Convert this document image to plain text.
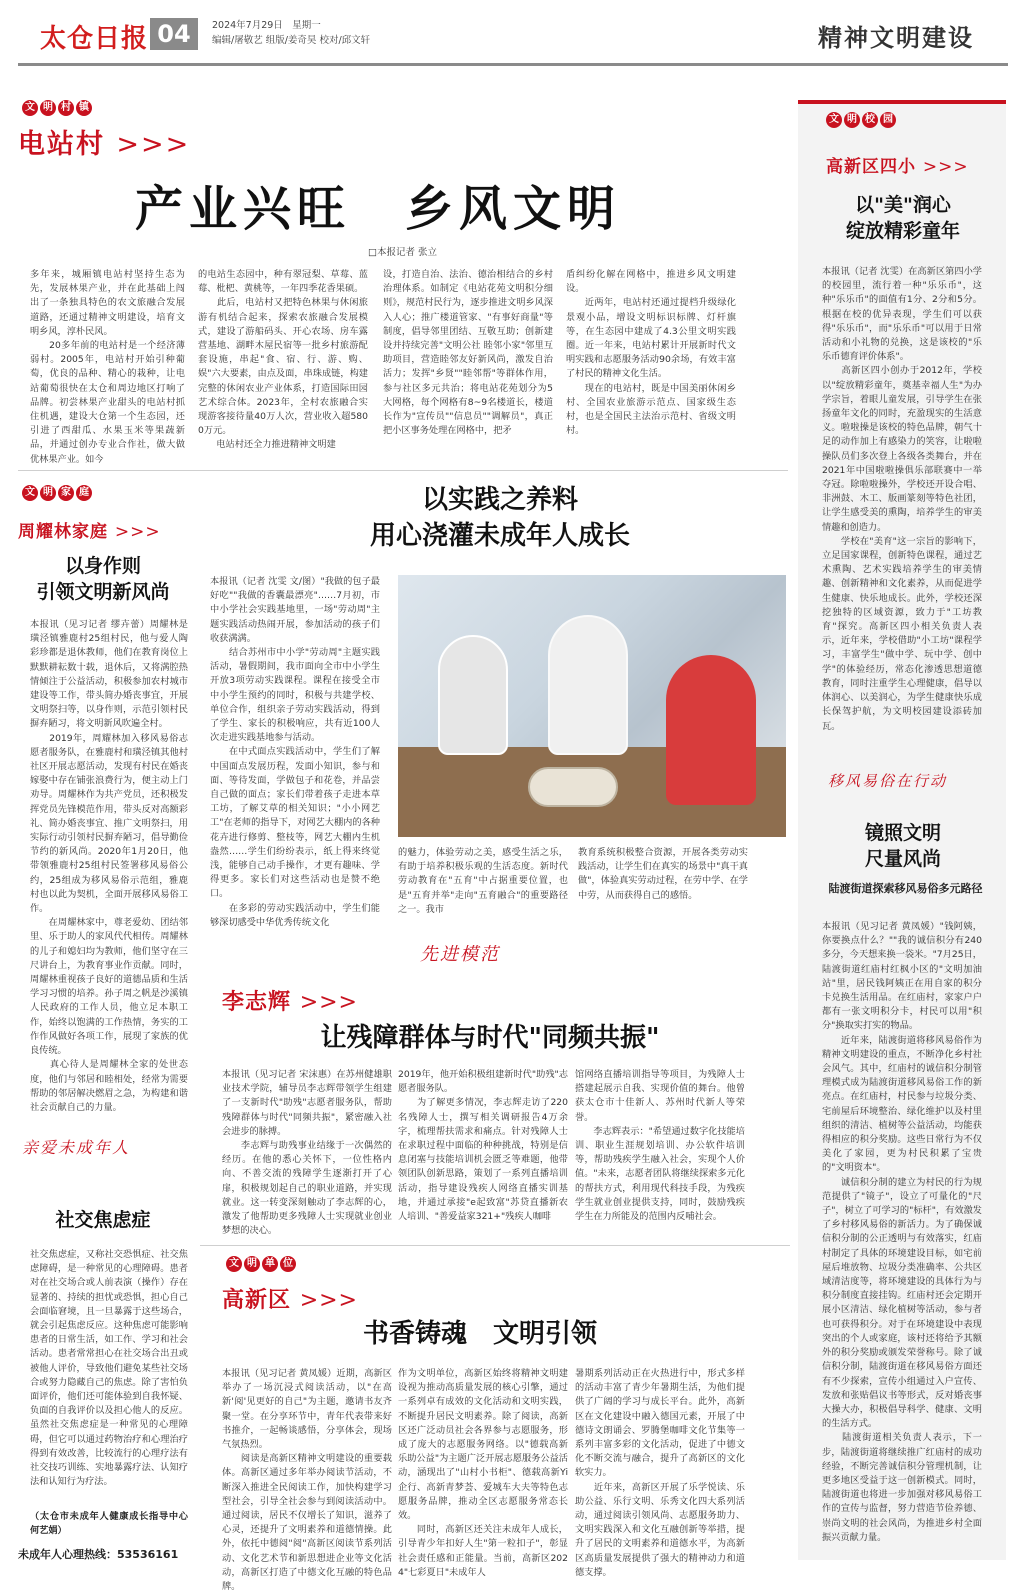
太仓日报 04	2024年7月29日　星期一
编辑/屠敬艺 组版/姜奇昊 校对/邱文轩	精神文明建设
文 明 村 镇
电站村 >>>
产业兴旺　乡风文明
□本报记者 张立
多年来，城厢镇电站村坚持生态为先，发展林果产业，并在此基础上闯出了一条独具特色的农文旅融合发展道路，还通过精神文明建设，培育文明乡风，淳朴民风。
　　20多年前的电站村是一个经济薄弱村。2005年，电站村开始引种葡萄，优良的品种、精心的栽种，让电站葡萄很快在太仓和周边地区打响了品牌。初尝林果产业甜头的电站村抓住机遇，建设大仓第一个生态园，还引进了西甜瓜、水果玉米等果蔬新品，并通过创办专业合作社，做大做优林果产业。如今
的电站生态园中，种有翠冠梨、草莓、蓝莓、枇杷、黄桃等，一年四季花香果硕。
　　此后，电站村又把特色林果与休闲旅游有机结合起来，探索农旅融合发展模式，建设了游船码头、开心农场、房车露营基地、湖畔木屋民宿等一批乡村旅游配套设施，串起"食、宿、行、游、购、娱"六大要素，由点及面，串珠成链，构建完整的休闲农业产业体系，打造国际田园艺术综合体。2023年，全村农旅融合实现游客接待量40万人次，营业收入超5800万元。
　　电站村还全力推进精神文明建
设，打造自治、法治、德治相结合的乡村治理体系。如制定《电站花苑文明积分细则》，规范村民行为，逐步推进文明乡风深入人心；推广楼道管家、"有事好商量"等制度，倡导邻里团结、互敬互助；创新建设并持续完善"文明公社 睦邻小家"邻里互助项目，营造睦邻友好新风尚，激发自治活力；发挥"乡贤""睦邻帮"等群体作用，参与社区多元共治；将电站花苑划分为5大网格，每个网格有8~9名楼道长，楼道长作为"宣传员""信息员""调解员"，真正把小区事务处理在网格中，把矛
盾纠纷化解在网格中，推进乡风文明建设。
　　近两年，电站村还通过提档升级绿化景观小品，增设文明标识标牌、灯杆旗等，在生态园中建成了4.3公里文明实践圈。近一年来，电站村累计开展新时代文明实践和志愿服务活动90余场，有效丰富了村民的精神文化生活。
　　现在的电站村，既是中国美丽休闲乡村、全国农业旅游示范点、国家级生态村，也是全国民主法治示范村、省级文明村。
文 明 家 庭
周耀林家庭 >>>
以身作则
引领文明新风尚
本报讯（见习记者 缪卉蕾）周耀林是璜泾镇雅鹿村25组村民，他与爱人陶彩珍都是退休教师，他们在教育岗位上默默耕耘数十载，退休后，又将满腔热情倾注于公益活动，积极参加农村城市建设等工作，带头简办婚丧事宜，开展文明祭扫等，以身作则，示范引领村民摒弃陋习，将文明新风吹遍全村。
　　2019年，周耀林加入移风易俗志愿者服务队，在雅鹿村和璜泾镇其他村社区开展志愿活动，发现有村民在婚丧嫁娶中存在铺张浪费行为，便主动上门劝导。周耀林作为共产党员，还积极发挥党员先锋模范作用，带头反对高额彩礼、简办婚丧事宜、推广文明祭扫，用实际行动引领村民摒弃陋习，倡导勤俭节约的新风尚。2020年1月20日，他带领雅鹿村25组村民签署移风易俗公约，25组成为移风易俗示范组，雅鹿村也以此为契机，全面开展移风易俗工作。
　　在周耀林家中，尊老爱幼、团结邻里、乐于助人的家风代代相传。周耀林的儿子和媳妇均为教师，他们坚守在三尺讲台上，为教育事业作贡献。同时，周耀林重视孩子良好的道德品质和生活学习习惯的培养。孙子周之帆是沙溪镇人民政府的工作人员，他立足本职工作，始终以饱满的工作热情，务实的工作作风做好各项工作，展现了家族的优良传统。
　　真心待人是周耀林全家的处世态度，他们与邻居和睦相处，经常为需要帮助的邻居解决燃眉之急，为构建和谐社会贡献自己的力量。
以实践之养料
用心浇灌未成年人成长
本报讯（记者 沈雯 文/图）"我做的包子最好吃""我做的香囊最漂亮"……7月初，市中小学社会实践基地里，一场"劳动周"主题实践活动热闹开展，参加活动的孩子们收获满满。
　　结合苏州市中小学"劳动周"主题实践活动，暑假期间，我市面向全市中小学生开放3项劳动实践课程。课程在接受全市中小学生预约的同时，积极与共建学校、单位合作，组织亲子劳动实践活动，得到了学生、家长的积极响应，共有近100人次走进实践基地参与活动。
　　在中式面点实践活动中，学生们了解中国面点发展历程，发面小知识，参与和面、等待发面，学做包子和花卷，并品尝自己做的面点；家长们带着孩子走进本草工坊，了解艾草的相关知识；"小小网艺工"在老师的指导下，对网艺大棚内的各种花卉进行修剪、整枝等，网艺大棚内生机盎然……学生们纷纷表示，纸上得来终觉浅，能够自己动手操作，才更有趣味、学得更多。家长们对这些活动也是赞不绝口。
　　在多彩的劳动实践活动中，学生们能够深切感受中华优秀传统文化
的魅力，体验劳动之美，感受生活之乐，有助于培养积极乐观的生活态度。新时代劳动教育在"五育"中占据重要位置，也是"五育并举"走向"五育融合"的重要路径之一。我市
教育系统积极整合资源，开展各类劳动实践活动，让学生们在真实的场景中"真干真做"，体验真实劳动过程，在劳中学、在学中劳，从而获得自己的感悟。
先进模范
李志辉 >>>
让残障群体与时代"同频共振"
本报讯（见习记者 宋沫惠）在苏州健雄职业技术学院，辅导员李志辉带领学生组建了一支新时代"助残"志愿者服务队，帮助残障群体与时代"同频共振"，紧密融入社会进步的脉搏。
　　李志辉与助残事业结缘于一次偶然的经历。在他的悉心关怀下，一位性格内向、不善交流的残障学生逐渐打开了心扉，积极规划起自己的职业道路，并实现就业。这一转变深刻触动了李志辉的心，激发了他帮助更多残障人士实现就业创业梦想的决心。
2019年，他开始积极组建新时代"助残"志愿者服务队。
　　为了解更多情况，李志辉走访了220名残障人士，撰写相关调研报告4万余字，梳理帮扶需求和痛点。针对残障人士在求职过程中面临的种种挑战，特别是信息闭塞与技能培训机会匮乏等难题，他带领团队创新思路，策划了一系列直播培训活动，指导建设残疾人网络直播实训基地，并通过承接"e起致富"苏贷直播新农人培训、"善爱益家321+"残疾人咖啡
馆网络直播培训指导等项目，为残障人士搭建起展示自我、实现价值的舞台。他曾获太仓市十佳新人、苏州时代新人等荣誉。
　　李志辉表示："希望通过数字化技能培训、职业生涯规划培训、办公软件培训等，帮助残疾学生融入社会，实现个人价值。"未来，志愿者团队将继续探索多元化的帮扶方式，利用现代科技手段，为残疾学生就业创业提供支持，同时，鼓励残疾学生在力所能及的范围内反哺社会。
亲爱未成年人
社交焦虑症
社交焦虑症，又称社交恐惧症、社交焦虑障碍，是一种常见的心理障碍。患者对在社交场合或人前表演（操作）存在显著的、持续的担忧或恐惧，担心自己会面临窘境，且一旦暴露于这些场合，就会引起焦虑反应。这种焦虑可能影响患者的日常生活，如工作、学习和社会活动。患者常常担心在社交场合出丑或被他人评价，导致他们避免某些社交场合或努力隐藏自己的焦虑。除了害怕负面评价，他们还可能体验到自我怀疑、负面的自我评价以及担心他人的反应。虽然社交焦虑症是一种常见的心理障碍，但它可以通过药物治疗和心理治疗得到有效改善，比较流行的心理疗法有社交技巧训练、实地暴露疗法、认知疗法和认知行为疗法。
（太仓市未成年人健康成长指导中心 何艺娟）
未成年人心理热线：53536161
文 明 单 位
高新区 >>>
书香铸魂　文明引领
本报讯（见习记者 黄凤媛）近期，高新区举办了一场沉浸式阅读活动，以"在高新'阅'见更好的自己"为主题，邀请书友齐聚一堂。在分享环节中，青年代表带来好书推介，一起畅谈感悟，分享体会，现场气氛热烈。
　　阅读是高新区精神文明建设的重要载体。高新区通过多年举办阅读节活动，不断深入推进全民阅读工作，加快构建学习型社会，引导全社会参与到阅读活动中。通过阅读，居民不仅增长了知识，滋养了心灵，还提升了文明素养和道德情操。此外，依托中德阅"阅"高新区阅读节系列活动、文化艺术节和新思想进企业等文化活动，高新区打造了中德文化互融的特色品牌。
作为文明单位，高新区始终将精神文明建设视为推动高质量发展的核心引擎，通过一系列卓有成效的文化活动和文明实践，不断提升居民文明素养。除了阅读，高新区还广泛动员社会各界参与志愿服务，形成了庞大的志愿服务网络。以"德载高新 乐助公益"为主题广泛开展志愿服务公益活动，涵现出了"山村小书柜"、德载高新Yi企行、高新青梦荟、爱城车大夫等特色志愿服务品牌，推动全区志愿服务常态长效。
　　同时，高新区还关注未成年人成长，引导青少年扣好人生"第一粒扣子"，彰显社会责任感和正能量。当前，高新区2024"七彩夏日"未成年人
暑期系列活动正在火热进行中，形式多样的活动丰富了青少年暑期生活，为他们提供了广阔的学习与成长平台。此外，高新区在文化建设中融入德国元素，开展了中德诗文朗诵会、罗腾堡咖啡文化节集等一系列丰富多彩的文化活动，促进了中德文化不断交流与融合，提升了高新区的文化软实力。
　　近年来，高新区开展了乐学悦读、乐助公益、乐行文明、乐秀文化四大系列活动，通过阅读引领风尚、志愿服务助力、文明实践深入和文化互融创新等举措，提升了居民的文明素养和道德水平，为高新区高质量发展提供了强大的精神动力和道德支撑。
文 明 校 园
高新区四小 >>>
以"美"润心
绽放精彩童年
本报讯（记者 沈雯）在高新区第四小学的校园里，流行着一种"乐乐币"，这种"乐乐币"的面值有1分、2分和5分。根据在校的优异表现，学生们可以获得"乐乐币"，而"乐乐币"可以用于日常活动和小礼物的兑换，这是该校的"乐乐币德育评价体系"。
　　高新区四小创办于2012年，学校以"绽放精彩童年，奠基幸福人生"为办学宗旨，着眼儿童发展，引导学生在张扬童年文化的同时，充盈现实的生活意义。啦啦操是该校的特色品牌，朝气十足的动作加上有感染力的笑容，让啦啦操队员们多次登上各级各类舞台，并在2021年中国啦啦操俱乐部联赛中一举夺冠。除啦啦操外，学校还开设合唱、非洲鼓、木工、版画篆刻等特色社团，让学生感受美的熏陶，培养学生的审美情趣和创造力。
　　学校在"美育"这一宗旨的影响下，立足国家课程，创新特色课程，通过艺术熏陶、艺术实践培养学生的审美情趣、创新精神和文化素养，从而促进学生健康、快乐地成长。此外，学校还深挖独特的区域资源，致力于"工坊教育"探究。高新区四小相关负责人表示，近年来，学校借助"小工坊"课程学习，丰富学生"做中学、玩中学、创中学"的体验经历，常态化渗透思想道德教育，同时注重学生心理健康，倡导以体润心、以美润心，为学生健康快乐成长保驾护航，为文明校园建设添砖加瓦。
移风易俗在行动
镜照文明
尺量风尚
陆渡街道探索移风易俗多元路径
本报讯（见习记者 黄凤媛）"钱阿姨，你要换点什么？""我的诚信积分有240多分，今天想来换一袋米。"7月25日，陆渡街道红庙村红枫小区的"文明加油站"里，居民钱阿姨正在用自家的积分卡兑换生活用品。在红庙村，家家户户都有一张文明积分卡，村民可以用"积分"换取实打实的物品。
　　近年来，陆渡街道将移风易俗作为精神文明建设的重点，不断净化乡村社会风气。其中，红庙村的诚信积分制管理模式成为陆渡街道移风易俗工作的新亮点。在红庙村，村民参与垃圾分类、宅前屋后环境整治、绿化维护以及村里组织的清洁、植树等公益活动，均能获得相应的积分奖励。这些日常行为不仅美化了家园，更为村民积累了宝贵的"文明资本"。
　　诚信积分制的建立为村民的行为规范提供了"镜子"，设立了可量化的"尺子"，树立了可学习的"标杆"，有效激发了乡村移风易俗的新活力。为了确保诚信积分制的公正透明与有效落实，红庙村制定了具体的环境建设目标，如宅前屋后堆放物、垃圾分类准确率、公共区域清洁度等，将环境建设的具体行为与积分制度直接挂钩。红庙村还会定期开展小区清洁、绿化植树等活动，参与者也可获得积分。对于在环境建设中表现突出的个人或家庭，该村还将给予其额外的积分奖励或颁发荣誉称号。除了诚信积分制，陆渡街道在移风易俗方面还有不少探索，宣传小组通过入户宣传、发放和张贴倡议书等形式，反对婚丧事大操大办，积极倡导科学、健康、文明的生活方式。
　　陆渡街道相关负责人表示，下一步，陆渡街道将继续推广红庙村的成功经验，不断完善诚信积分管理机制，让更多地区受益于这一创新模式。同时，陆渡街道也将进一步加强对移风易俗工作的宣传与监督，努力营造节俭养德、崇尚文明的社会风尚，为推进乡村全面振兴贡献力量。
